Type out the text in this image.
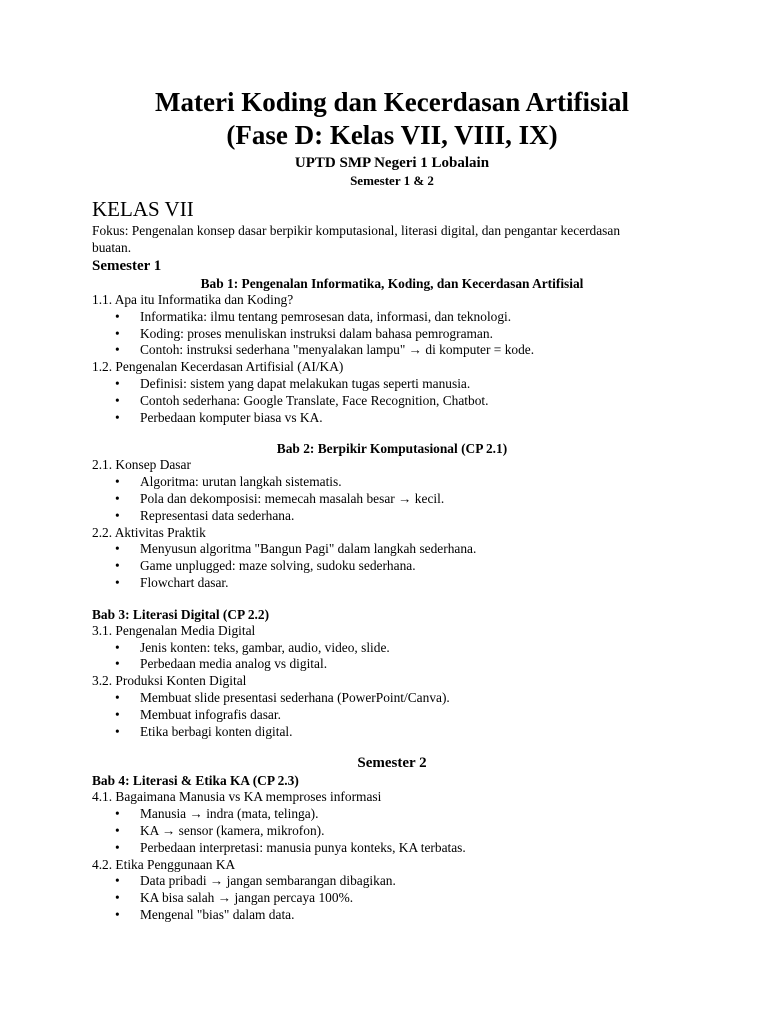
Materi Koding dan Kecerdasan Artifisial
(Fase D: Kelas VII, VIII, IX)
UPTD SMP Negeri 1 Lobalain
Semester 1 & 2
KELAS VII
Fokus: Pengenalan konsep dasar berpikir komputasional, literasi digital, dan pengantar kecerdasan buatan.
Semester 1
Bab 1: Pengenalan Informatika, Koding, dan Kecerdasan Artifisial
1.1. Apa itu Informatika dan Koding?
• Informatika: ilmu tentang pemrosesan data, informasi, dan teknologi.
• Koding: proses menuliskan instruksi dalam bahasa pemrograman.
• Contoh: instruksi sederhana "menyalakan lampu" → di komputer = kode.
1.2. Pengenalan Kecerdasan Artifisial (AI/KA)
• Definisi: sistem yang dapat melakukan tugas seperti manusia.
• Contoh sederhana: Google Translate, Face Recognition, Chatbot.
• Perbedaan komputer biasa vs KA.
Bab 2: Berpikir Komputasional (CP 2.1)
2.1. Konsep Dasar
• Algoritma: urutan langkah sistematis.
• Pola dan dekomposisi: memecah masalah besar → kecil.
• Representasi data sederhana.
2.2. Aktivitas Praktik
• Menyusun algoritma "Bangun Pagi" dalam langkah sederhana.
• Game unplugged: maze solving, sudoku sederhana.
• Flowchart dasar.
Bab 3: Literasi Digital (CP 2.2)
3.1. Pengenalan Media Digital
• Jenis konten: teks, gambar, audio, video, slide.
• Perbedaan media analog vs digital.
3.2. Produksi Konten Digital
• Membuat slide presentasi sederhana (PowerPoint/Canva).
• Membuat infografis dasar.
• Etika berbagi konten digital.
Semester 2
Bab 4: Literasi & Etika KA (CP 2.3)
4.1. Bagaimana Manusia vs KA memproses informasi
• Manusia → indra (mata, telinga).
• KA → sensor (kamera, mikrofon).
• Perbedaan interpretasi: manusia punya konteks, KA terbatas.
4.2. Etika Penggunaan KA
• Data pribadi → jangan sembarangan dibagikan.
• KA bisa salah → jangan percaya 100%.
• Mengenal "bias" dalam data.
